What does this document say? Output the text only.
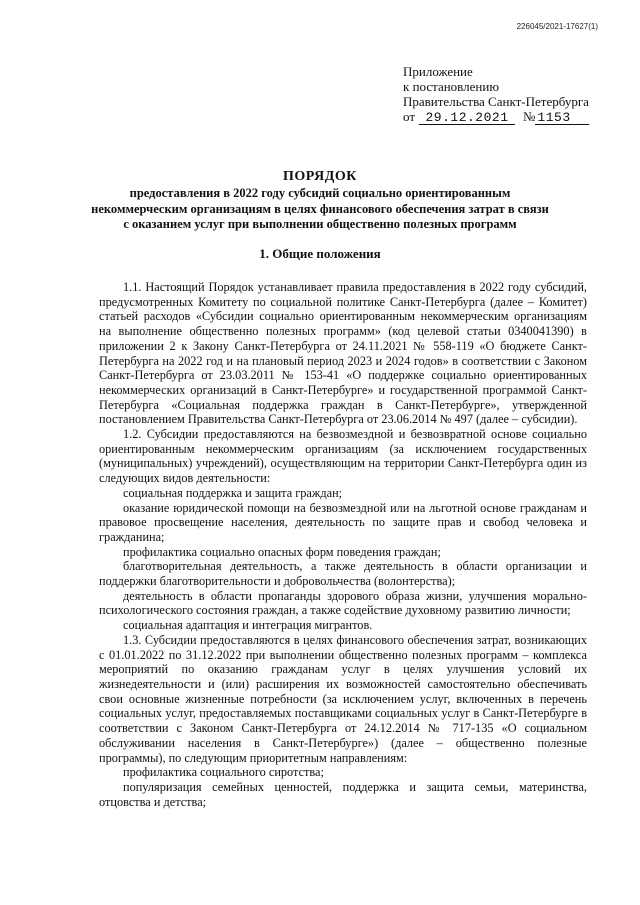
226045/2021-17627(1)
Приложение
к постановлению
Правительства Санкт-Петербурга
от 29.12.2021 № 1153
ПОРЯДОК
предоставления в 2022 году субсидий социально ориентированным некоммерческим организациям в целях финансового обеспечения затрат в связи с оказанием услуг при выполнении общественно полезных программ
1. Общие положения

1.1. Настоящий Порядок устанавливает правила предоставления в 2022 году субсидий, предусмотренных Комитету по социальной политике Санкт-Петербурга (далее – Комитет) статьей расходов «Субсидии социально ориентированным некоммерческим организациям на выполнение общественно полезных программ» (код целевой статьи 0340041390) в приложении 2 к Закону Санкт-Петербурга от 24.11.2021 № 558-119 «О бюджете Санкт-Петербурга на 2022 год и на плановый период 2023 и 2024 годов» в соответствии с Законом Санкт-Петербурга от 23.03.2011 № 153-41 «О поддержке социально ориентированных некоммерческих организаций в Санкт-Петербурге» и государственной программой Санкт-Петербурга «Социальная поддержка граждан в Санкт-Петербурге», утвержденной постановлением Правительства Санкт-Петербурга от 23.06.2014 № 497 (далее – субсидии).

1.2. Субсидии предоставляются на безвозмездной и безвозвратной основе социально ориентированным некоммерческим организациям (за исключением государственных (муниципальных) учреждений), осуществляющим на территории Санкт-Петербурга один из следующих видов деятельности:

социальная поддержка и защита граждан;

оказание юридической помощи на безвозмездной или на льготной основе гражданам и правовое просвещение населения, деятельность по защите прав и свобод человека и гражданина;

профилактика социально опасных форм поведения граждан;

благотворительная деятельность, а также деятельность в области организации и поддержки благотворительности и добровольчества (волонтерства);

деятельность в области пропаганды здорового образа жизни, улучшения морально-психологического состояния граждан, а также содействие духовному развитию личности;

социальная адаптация и интеграция мигрантов.

1.3. Субсидии предоставляются в целях финансового обеспечения затрат, возникающих с 01.01.2022 по 31.12.2022 при выполнении общественно полезных программ – комплекса мероприятий по оказанию гражданам услуг в целях улучшения условий их жизнедеятельности и (или) расширения их возможностей самостоятельно обеспечивать свои основные жизненные потребности (за исключением услуг, включенных в перечень социальных услуг, предоставляемых поставщиками социальных услуг в Санкт-Петербурге в соответствии с Законом Санкт-Петербурга от 24.12.2014 № 717-135 «О социальном обслуживании населения в Санкт-Петербурге») (далее – общественно полезные программы), по следующим приоритетным направлениям:

профилактика социального сиротства;

популяризация семейных ценностей, поддержка и защита семьи, материнства, отцовства и детства;
